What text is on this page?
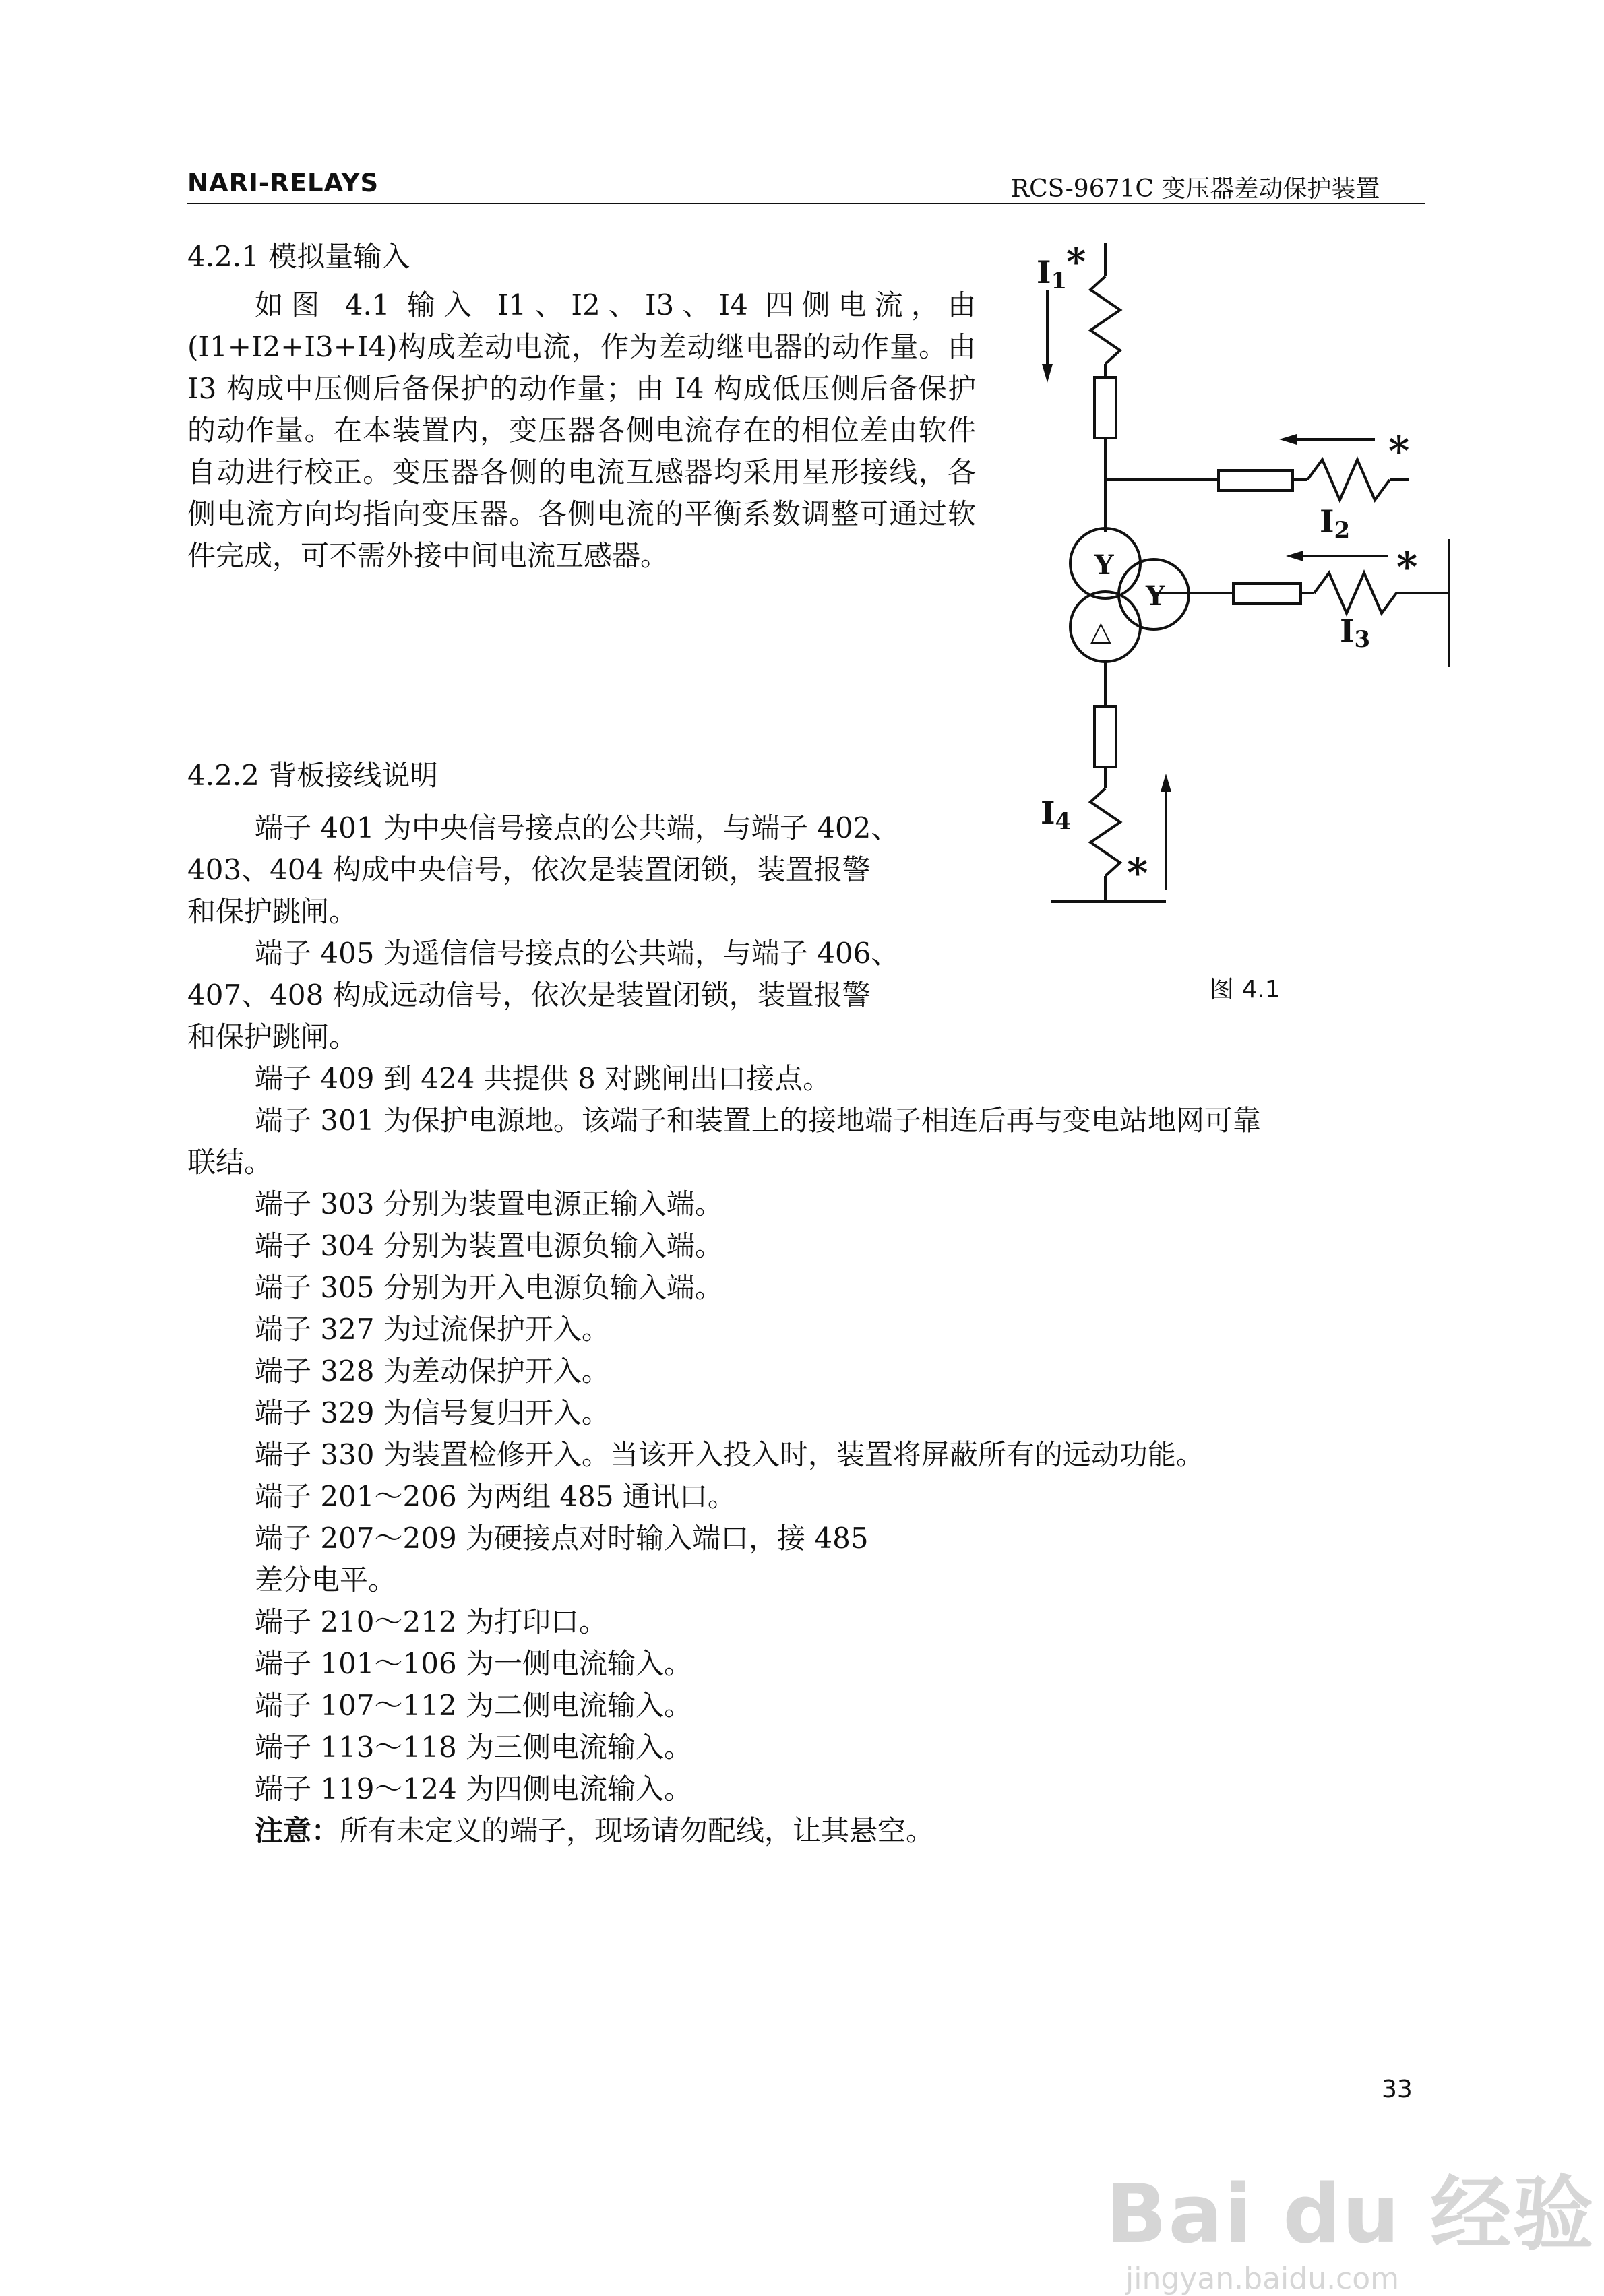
NARI-RELAYS	RCS-9671C 变压器差动保护装置
4.2.1 模拟量输入

如图 4.1 输入 I1、I2、I3、I4 四侧电流，由(I1+I2+I3+I4)构成差动电流，作为差动继电器的动作量。由 I3 构成中压侧后备保护的动作量；由 I4 构成低压侧后备保护的动作量。在本装置内，变压器各侧电流存在的相位差由软件自动进行校正。变压器各侧的电流互感器均采用星形接线，各侧电流方向均指向变压器。各侧电流的平衡系数调整可通过软件完成，可不需外接中间电流互感器。

I1
*
*
I2
*
I3
I4
*
Y
Y
△
图 4.1
4.2.2 背板接线说明
端子 401 为中央信号接点的公共端，与端子 402、
403、404 构成中央信号，依次是装置闭锁，装置报警
和保护跳闸。
端子 405 为遥信信号接点的公共端，与端子 406、
407、408 构成远动信号，依次是装置闭锁，装置报警
和保护跳闸。
端子 409 到 424 共提供 8 对跳闸出口接点。
端子 301 为保护电源地。该端子和装置上的接地端子相连后再与变电站地网可靠
联结。
端子 303 分别为装置电源正输入端。
端子 304 分别为装置电源负输入端。
端子 305 分别为开入电源负输入端。
端子 327 为过流保护开入。
端子 328 为差动保护开入。
端子 329 为信号复归开入。
端子 330 为装置检修开入。当该开入投入时，装置将屏蔽所有的远动功能。
端子 201～206 为两组 485 通讯口。
端子 207～209 为硬接点对时输入端口，接 485
差分电平。
端子 210～212 为打印口。
端子 101～106 为一侧电流输入。
端子 107～112 为二侧电流输入。
端子 113～118 为三侧电流输入。
端子 119～124 为四侧电流输入。
注意：所有未定义的端子，现场请勿配线，让其悬空。
33
Bai du 经验
jingyan.baidu.com
